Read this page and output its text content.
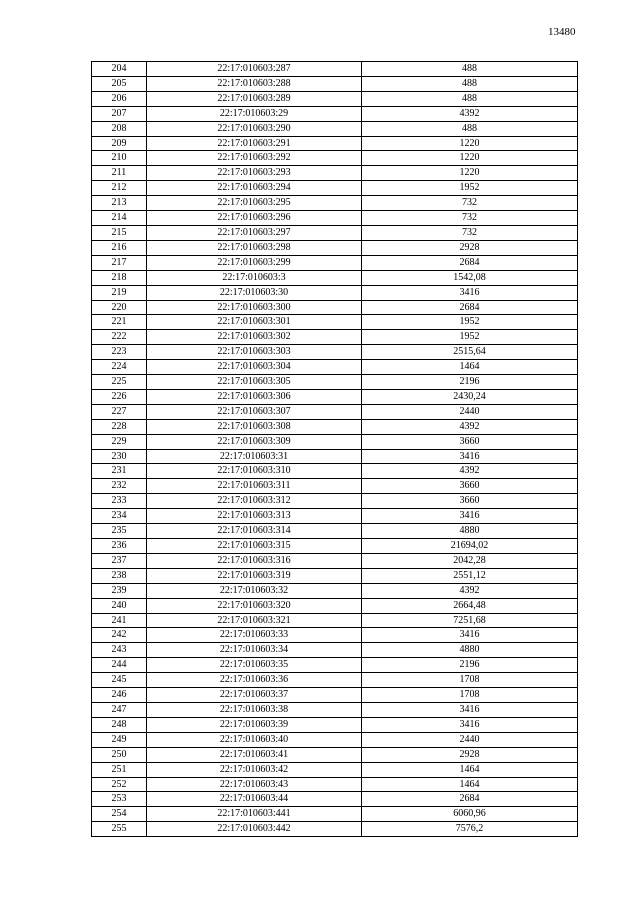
13480
204	22:17:010603:287	488
205	22:17:010603:288	488
206	22:17:010603:289	488
207	22:17:010603:29	4392
208	22:17:010603:290	488
209	22:17:010603:291	1220
210	22:17:010603:292	1220
211	22:17:010603:293	1220
212	22:17:010603:294	1952
213	22:17:010603:295	732
214	22:17:010603:296	732
215	22:17:010603:297	732
216	22:17:010603:298	2928
217	22:17:010603:299	2684
218	22:17:010603:3	1542,08
219	22:17:010603:30	3416
220	22:17:010603:300	2684
221	22:17:010603:301	1952
222	22:17:010603:302	1952
223	22:17:010603:303	2515,64
224	22:17:010603:304	1464
225	22:17:010603:305	2196
226	22:17:010603:306	2430,24
227	22:17:010603:307	2440
228	22:17:010603:308	4392
229	22:17:010603:309	3660
230	22:17:010603:31	3416
231	22:17:010603:310	4392
232	22:17:010603:311	3660
233	22:17:010603:312	3660
234	22:17:010603:313	3416
235	22:17:010603:314	4880
236	22:17:010603:315	21694,02
237	22:17:010603:316	2042,28
238	22:17:010603:319	2551,12
239	22:17:010603:32	4392
240	22:17:010603:320	2664,48
241	22:17:010603:321	7251,68
242	22:17:010603:33	3416
243	22:17:010603:34	4880
244	22:17:010603:35	2196
245	22:17:010603:36	1708
246	22:17:010603:37	1708
247	22:17:010603:38	3416
248	22:17:010603:39	3416
249	22:17:010603:40	2440
250	22:17:010603:41	2928
251	22:17:010603:42	1464
252	22:17:010603:43	1464
253	22:17:010603:44	2684
254	22:17:010603:441	6060,96
255	22:17:010603:442	7576,2
